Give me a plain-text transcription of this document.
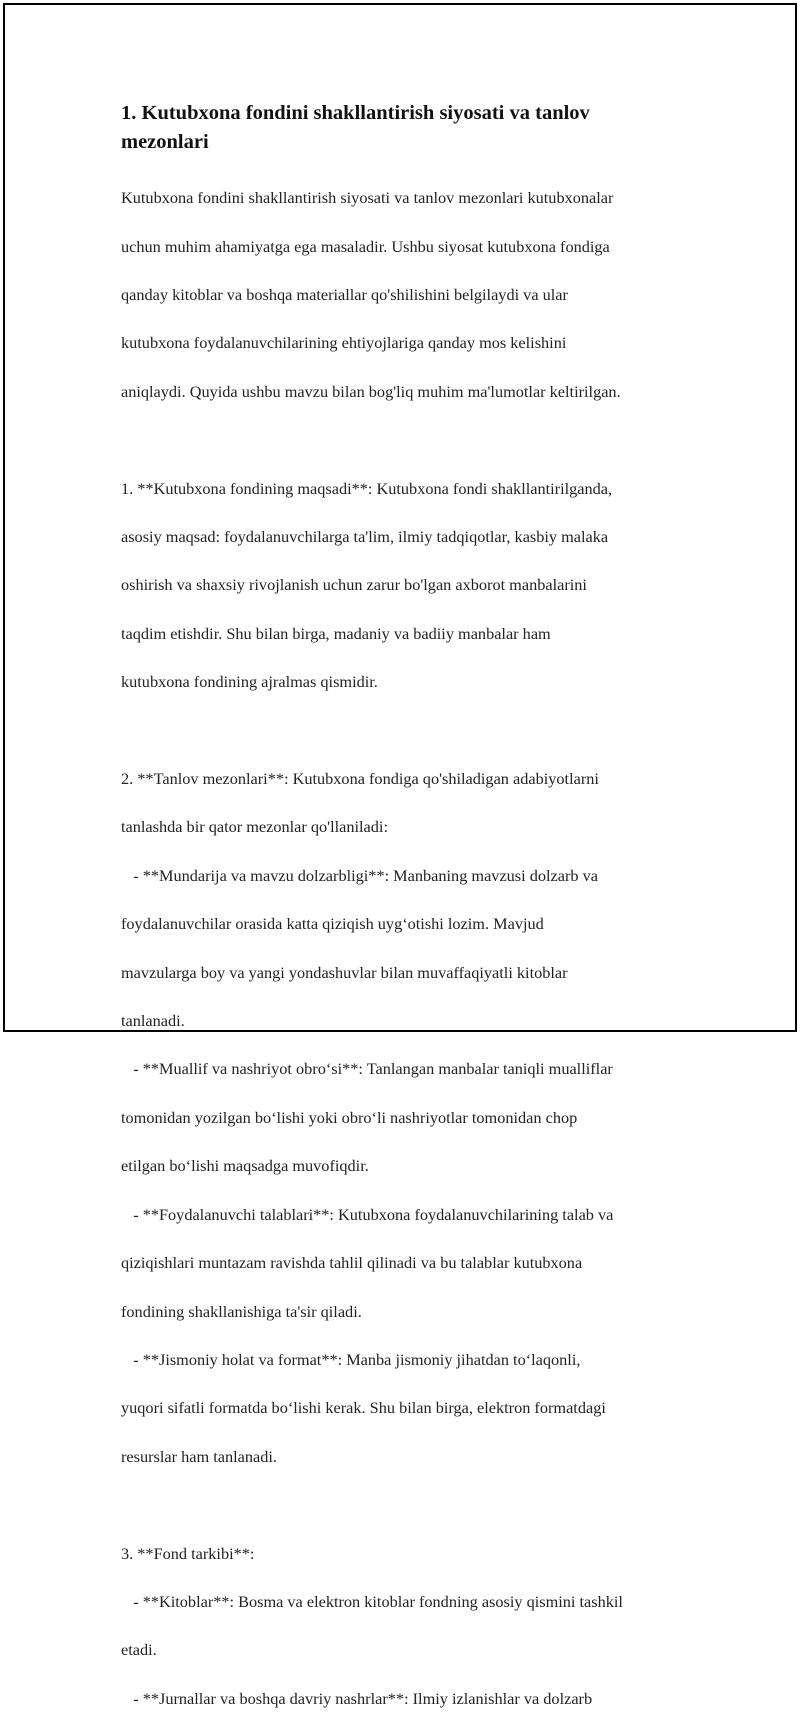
1. Kutubxona fondini shakllantirish siyosati va tanlov
mezonlari

Kutubxona fondini shakllantirish siyosati va tanlov mezonlari kutubxonalar

uchun muhim ahamiyatga ega masaladir. Ushbu siyosat kutubxona fondiga

qanday kitoblar va boshqa materiallar qo'shilishini belgilaydi va ular

kutubxona foydalanuvchilarining ehtiyojlariga qanday mos kelishini

aniqlaydi. Quyida ushbu mavzu bilan bog'liq muhim ma'lumotlar keltirilgan.

1. **Kutubxona fondining maqsadi**: Kutubxona fondi shakllantirilganda,

asosiy maqsad: foydalanuvchilarga ta'lim, ilmiy tadqiqotlar, kasbiy malaka

oshirish va shaxsiy rivojlanish uchun zarur bo'lgan axborot manbalarini

taqdim etishdir. Shu bilan birga, madaniy va badiiy manbalar ham

kutubxona fondining ajralmas qismidir.

2. **Tanlov mezonlari**: Kutubxona fondiga qo'shiladigan adabiyotlarni

tanlashda bir qator mezonlar qo'llaniladi:

- **Mundarija va mavzu dolzarbligi**: Manbaning mavzusi dolzarb va

foydalanuvchilar orasida katta qiziqish uyg‘otishi lozim. Mavjud

mavzularga boy va yangi yondashuvlar bilan muvaffaqiyatli kitoblar

tanlanadi.

- **Muallif va nashriyot obro‘si**: Tanlangan manbalar taniqli mualliflar

tomonidan yozilgan bo‘lishi yoki obro‘li nashriyotlar tomonidan chop

etilgan bo‘lishi maqsadga muvofiqdir.

- **Foydalanuvchi talablari**: Kutubxona foydalanuvchilarining talab va

qiziqishlari muntazam ravishda tahlil qilinadi va bu talablar kutubxona

fondining shakllanishiga ta'sir qiladi.

- **Jismoniy holat va format**: Manba jismoniy jihatdan to‘laqonli,

yuqori sifatli formatda bo‘lishi kerak. Shu bilan birga, elektron formatdagi

resurslar ham tanlanadi.

3. **Fond tarkibi**:

- **Kitoblar**: Bosma va elektron kitoblar fondning asosiy qismini tashkil

etadi.

- **Jurnallar va boshqa davriy nashrlar**: Ilmiy izlanishlar va dolzarb
